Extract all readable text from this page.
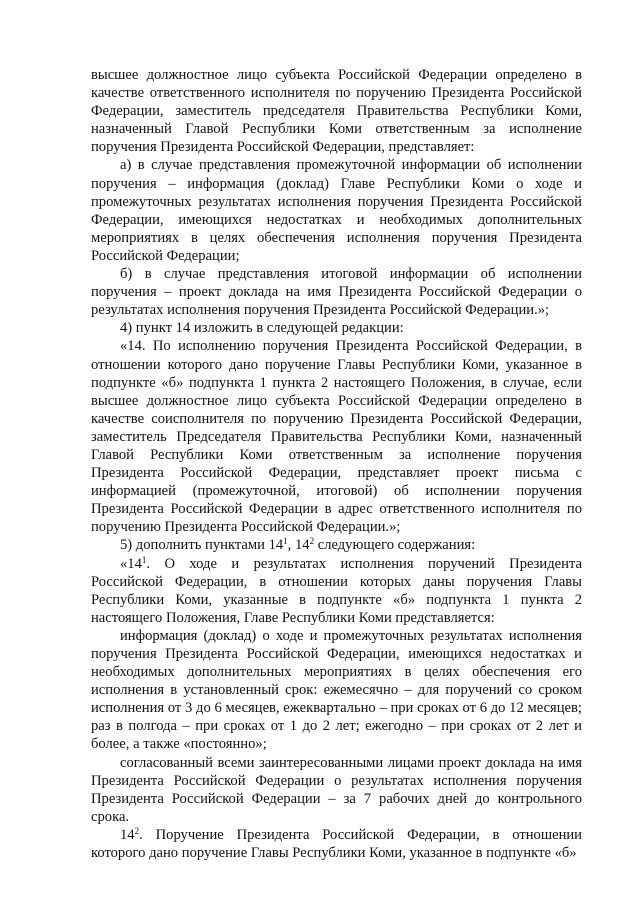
высшее должностное лицо субъекта Российской Федерации определено в качестве ответственного исполнителя по поручению Президента Российской Федерации, заместитель председателя Правительства Республики Коми, назначенный Главой Республики Коми ответственным за исполнение поручения Президента Российской Федерации, представляет:

а) в случае представления промежуточной информации об исполнении поручения – информация (доклад) Главе Республики Коми о ходе и промежуточных результатах исполнения поручения Президента Российской Федерации, имеющихся недостатках и необходимых дополнительных мероприятиях в целях обеспечения исполнения поручения Президента Российской Федерации;

б) в случае представления итоговой информации об исполнении поручения – проект доклада на имя Президента Российской Федерации о результатах исполнения поручения Президента Российской Федерации.»;

4) пункт 14 изложить в следующей редакции:

«14. По исполнению поручения Президента Российской Федерации, в отношении которого дано поручение Главы Республики Коми, указанное в подпункте «б» подпункта 1 пункта 2 настоящего Положения, в случае, если высшее должностное лицо субъекта Российской Федерации определено в качестве соисполнителя по поручению Президента Российской Федерации, заместитель Председателя Правительства Республики Коми, назначенный Главой Республики Коми ответственным за исполнение поручения Президента Российской Федерации, представляет проект письма с информацией (промежуточной, итоговой) об исполнении поручения Президента Российской Федерации в адрес ответственного исполнителя по поручению Президента Российской Федерации.»;

5) дополнить пунктами $14^1$, $14^2$ следующего содержания:

«$14^1$. О ходе и результатах исполнения поручений Президента Российской Федерации, в отношении которых даны поручения Главы Республики Коми, указанные в подпункте «б» подпункта 1 пункта 2 настоящего Положения, Главе Республики Коми представляется:

информация (доклад) о ходе и промежуточных результатах исполнения поручения Президента Российской Федерации, имеющихся недостатках и необходимых дополнительных мероприятиях в целях обеспечения его исполнения в установленный срок: ежемесячно – для поручений со сроком исполнения от 3 до 6 месяцев, ежеквартально – при сроках от 6 до 12 месяцев; раз в полгода – при сроках от 1 до 2 лет; ежегодно – при сроках от 2 лет и более, а также «постоянно»;

согласованный всеми заинтересованными лицами проект доклада на имя Президента Российской Федерации о результатах исполнения поручения Президента Российской Федерации – за 7 рабочих дней до контрольного срока.

$14^2$. Поручение Президента Российской Федерации, в отношении которого дано поручение Главы Республики Коми, указанное в подпункте «б»
